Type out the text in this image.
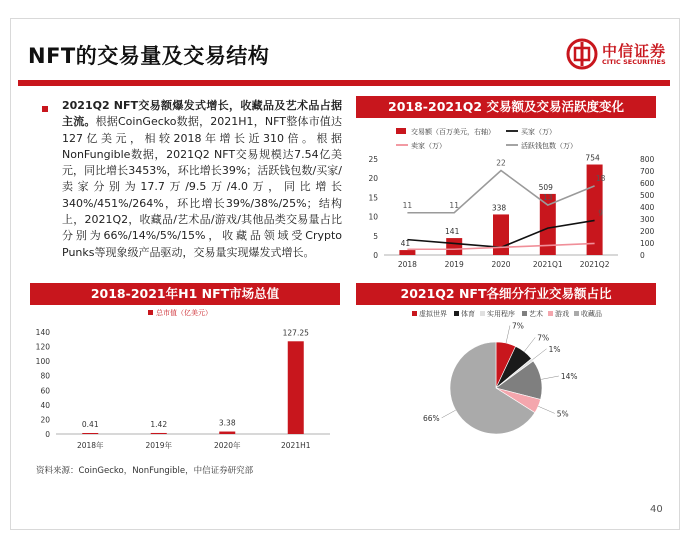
NFT的交易量及交易结构	中信证券
CITIC SECURITIES
2021Q2 NFT交易额爆发式增长，收藏品及艺术品占据主流。根据CoinGecko数据，2021H1，NFT整体市值达127亿美元，相较2018年增长近310倍。根据NonFungible数据，2021Q2 NFT交易规模达7.54亿美元，同比增长3453%，环比增长39%；活跃钱包数/买家/卖家分别为17.7万/9.5万/4.0万，同比增长340%/451%/264%，环比增长39%/38%/25%；结构上，2021Q2，收藏品/艺术品/游戏/其他品类交易量占比分别为66%/14%/5%/15%，收藏品领域受Crypto Punks等现象级产品驱动，交易量实现爆发式增长。
2018-2021Q2 交易额及交易活跃度变化
2018-2021年H1 NFT市场总值	2021Q2 NFT各细分行业交易额占比
交易额（百万美元，右轴）	买家（万）
卖家（万）	活跃钱包数（万）
0
5
10
15
20
25
0
100
200
300
400
500
600
700
800
41
141
338
509
754
9
11	11
22
13
18
2018	2019	2020	2021Q1 2021Q2
总市值（亿美元）
0
20
40
60
80
100
120
140
0.41	1.42	3.38
127.25
2018年	2019年	2020年	2021H1
虚拟世界 体育 实用程序 艺术 游戏 收藏品
7%
7%
1%
14%
5%
66%
资料来源：CoinGecko，NonFungible，中信证券研究部
40
